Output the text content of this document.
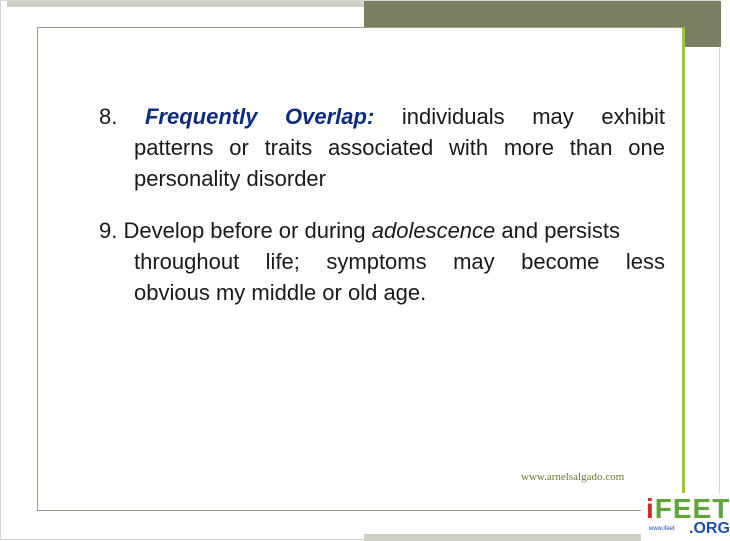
8. Frequently Overlap: individuals may exhibit
patterns or traits associated with more than one
personality disorder
9. Develop before or during adolescence and persists
throughout life; symptoms may become less
obvious my middle or old age.
www.arnelsalgado.com
iFEET
www.ifeet .ORG
